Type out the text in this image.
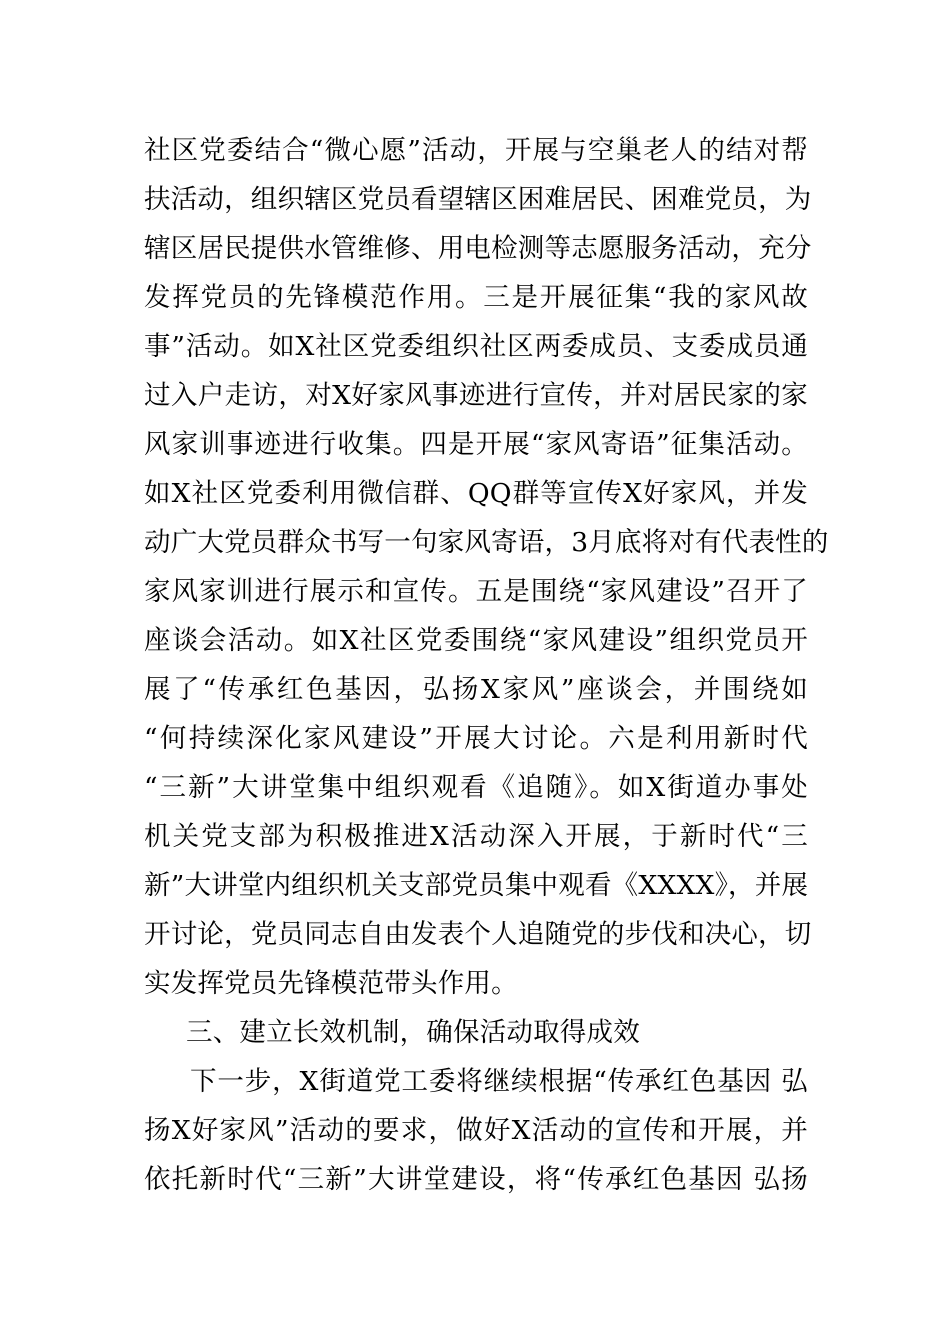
社区党委结合“微心愿”活动，开展与空巢老人的结对帮
扶活动，组织辖区党员看望辖区困难居民、困难党员，为
辖区居民提供水管维修、用电检测等志愿服务活动，充分
发挥党员的先锋模范作用。三是开展征集“我的家风故
事”活动。如X社区党委组织社区两委成员、支委成员通
过入户走访，对X好家风事迹进行宣传，并对居民家的家
风家训事迹进行收集。四是开展“家风寄语”征集活动。
如X社区党委利用微信群、QQ群等宣传X好家风，并发
动广大党员群众书写一句家风寄语，3月底将对有代表性的
家风家训进行展示和宣传。五是围绕“家风建设”召开了
座谈会活动。如X社区党委围绕“家风建设”组织党员开
展了“传承红色基因，弘扬X家风”座谈会，并围绕如
“何持续深化家风建设”开展大讨论。六是利用新时代
“三新”大讲堂集中组织观看《追随》。如X街道办事处
机关党支部为积极推进X活动深入开展，于新时代“三
新”大讲堂内组织机关支部党员集中观看《XXXX》，并展
开讨论，党员同志自由发表个人追随党的步伐和决心，切
实发挥党员先锋模范带头作用。
三、建立长效机制，确保活动取得成效
下一步，X街道党工委将继续根据“传承红色基因 弘
扬X好家风”活动的要求，做好X活动的宣传和开展，并
依托新时代“三新”大讲堂建设，将“传承红色基因 弘扬
